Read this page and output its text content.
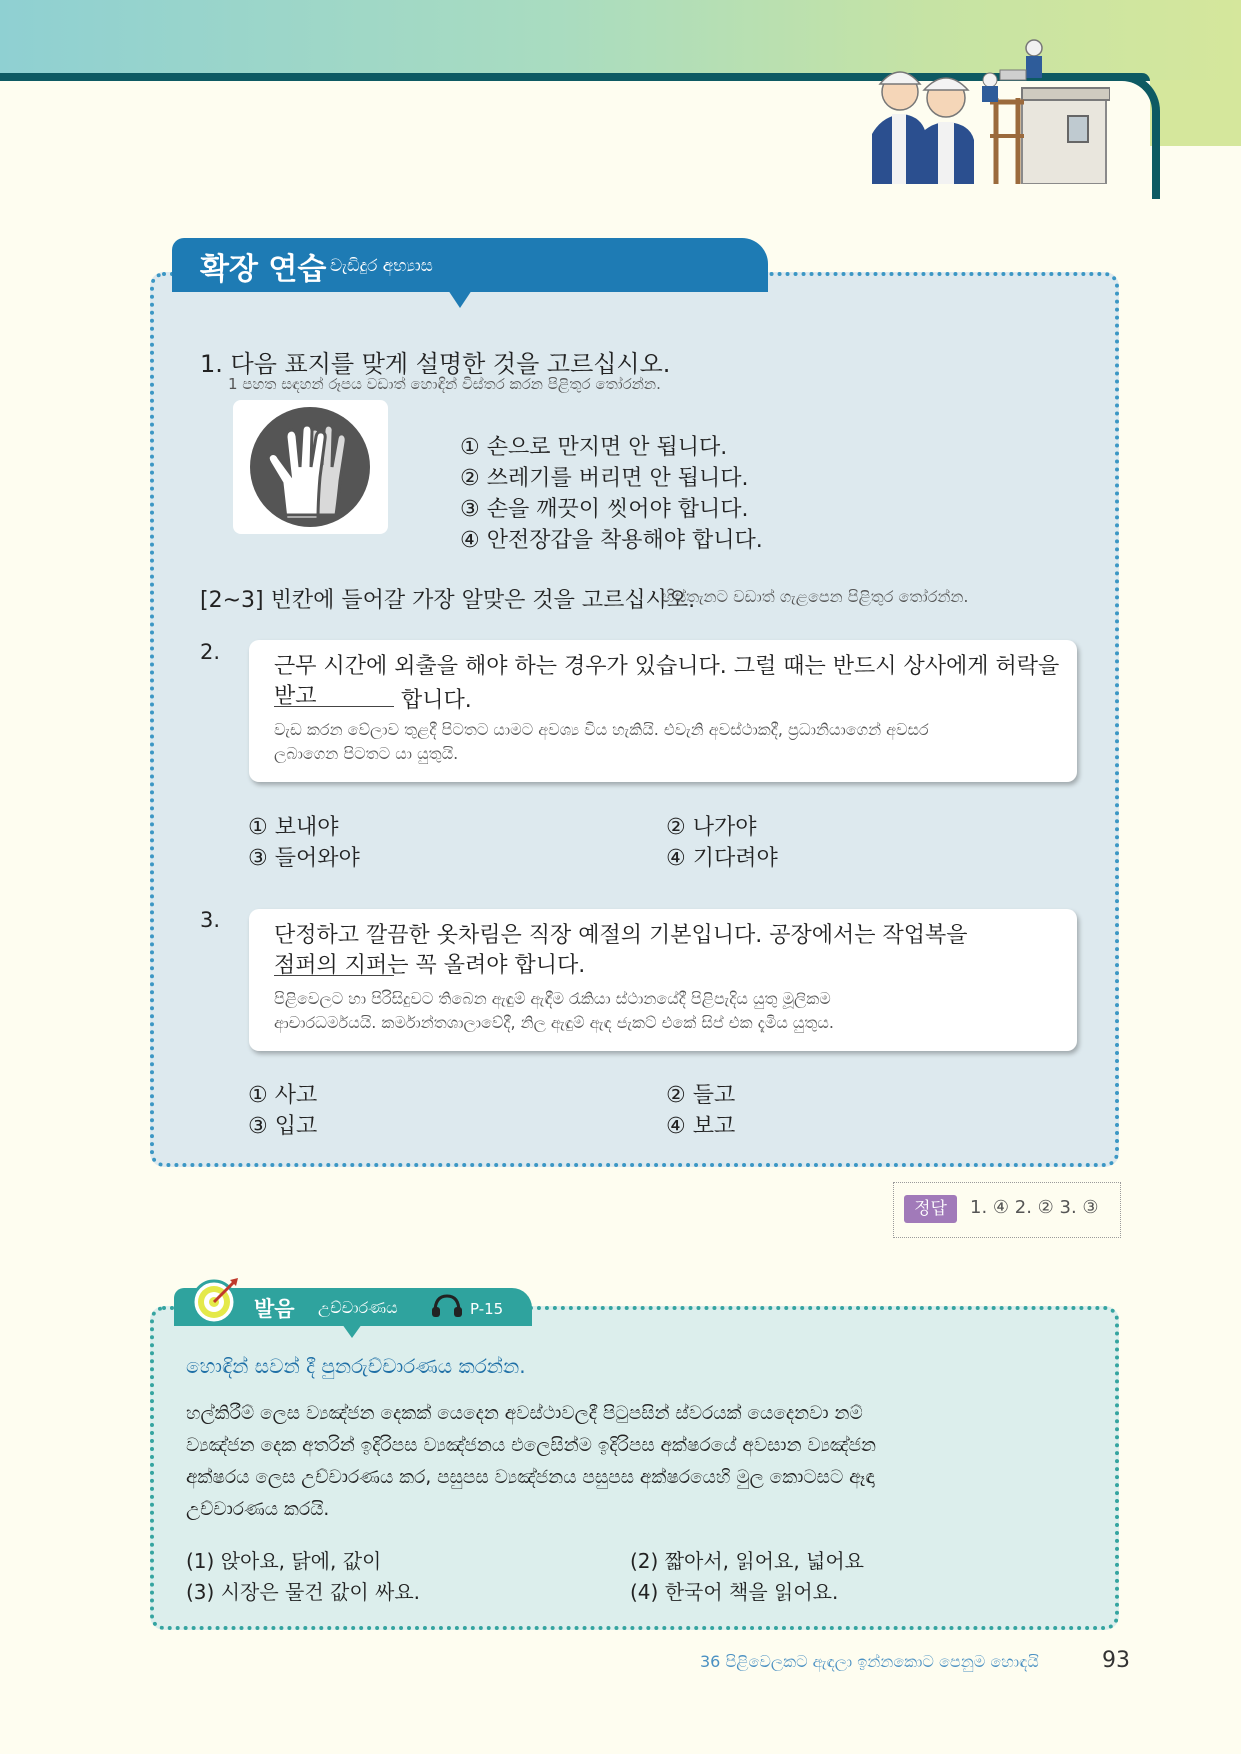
확장 연습 වැඩිදුර අභ්‍යාස
1. 다음 표지를 맞게 설명한 것을 고르십시오.
1 පහත සඳහන් රූපය වඩාත් හොඳින් විස්තර කරන පිළිතුර තෝරන්න.
① 손으로 만지면 안 됩니다.
② 쓰레기를 버리면 안 됩니다.
③ 손을 깨끗이 씻어야 합니다.
④ 안전장갑을 착용해야 합니다.
[2~3] 빈칸에 들어갈 가장 알맞은 것을 고르십시오.
හිස්තැනට වඩාත් ගැළපෙන පිළිතුර තෝරන්න.
2.
근무 시간에 외출을 해야 하는 경우가 있습니다. 그럴 때는 반드시 상사에게 허락을 받고	합니다.
වැඩ කරන වේලාව තුළදී පිටතට යාමට අවශ්‍ය විය හැකියි. එවැනි අවස්ථාකදී, ප්‍රධානියාගෙන් අවසර
ලබාගෙන පිටතට යා යුතුයි.
① 보내야	② 나가야
③ 들어와야	④ 기다려야
3.
단정하고 깔끔한 옷차림은 직장 예절의 기본입니다. 공장에서는 작업복을
점퍼의 지퍼는 꼭 올려야 합니다.
පිළිවෙලට හා පිරිසිදුවට තිබෙන ඇඳුම් ඇඳීම රැකියා ස්ථානයේදී පිළිපැදිය යුතු මූලිකම
ආචාරධර්මයයි. කර්මාන්තශාලාවේදී, නිල ඇඳුම් ඇඳ ජැකට් එකේ සිප් එක දැමිය යුතුය.
① 사고	② 들고
③ 입고	④ 보고
정답	1. ④ 2. ② 3. ③
발음 උච්චාරණය	P-15
හොඳින් සවන් දී පුනරුච්චාරණය කරන්න.
හල්කිරීම් ලෙස ව්‍යඤ්ජන දෙකක් යෙදෙන අවස්ථාවලදී පිටුපසින් ස්වරයක් යෙදෙනවා නම්
ව්‍යඤ්ජන දෙක අතරින් ඉදිරිපස ව්‍යඤ්ජනය එලෙසින්ම ඉදිරිපස අක්ෂරයේ අවසාන ව්‍යඤ්ජන
අක්ෂරය ලෙස උච්චාරණය කර, පසුපස ව්‍යඤ්ජනය පසුපස අක්ෂරයෙහි මුල කොටසට ඈඳා
උච්චාරණය කරයි.
(1) 앉아요, 닭에, 값이	(2) 짧아서, 읽어요, 넓어요
(3) 시장은 물건 값이 싸요.	(4) 한국어 책을 읽어요.
36 පිළිවෙලකට ඇඳලා ඉන්නකොට පෙනුම හොඳයි	93
